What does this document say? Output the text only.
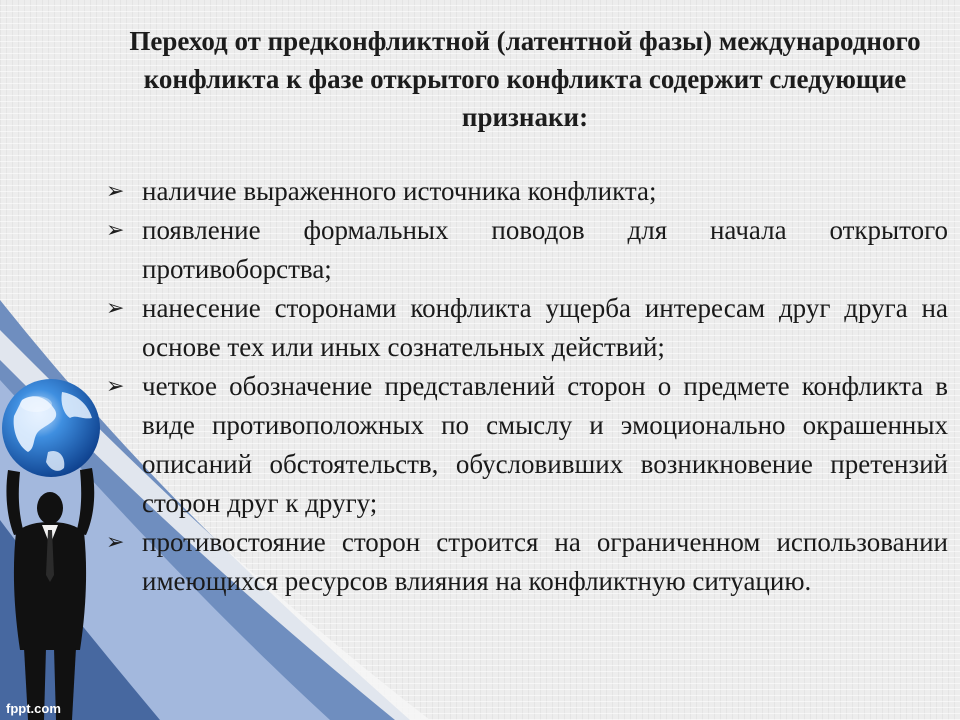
Переход от предконфликтной (латентной фазы) международного конфликта к фазе открытого конфликта содержит следующие признаки:
➢ наличие выраженного источника конфликта;
➢ появление формальных поводов для начала открытого противоборства;
➢ нанесение сторонами конфликта ущерба интересам друг друга на основе тех или иных сознательных действий;
➢ четкое обозначение представлений сторон о предмете конфликта в виде противоположных по смыслу и эмоционально окрашенных описаний обстоятельств, обусловивших возникновение претензий сторон друг к другу;
➢ противостояние сторон строится на ограниченном использовании имеющихся ресурсов влияния на конфликтную ситуацию.
fppt.com
